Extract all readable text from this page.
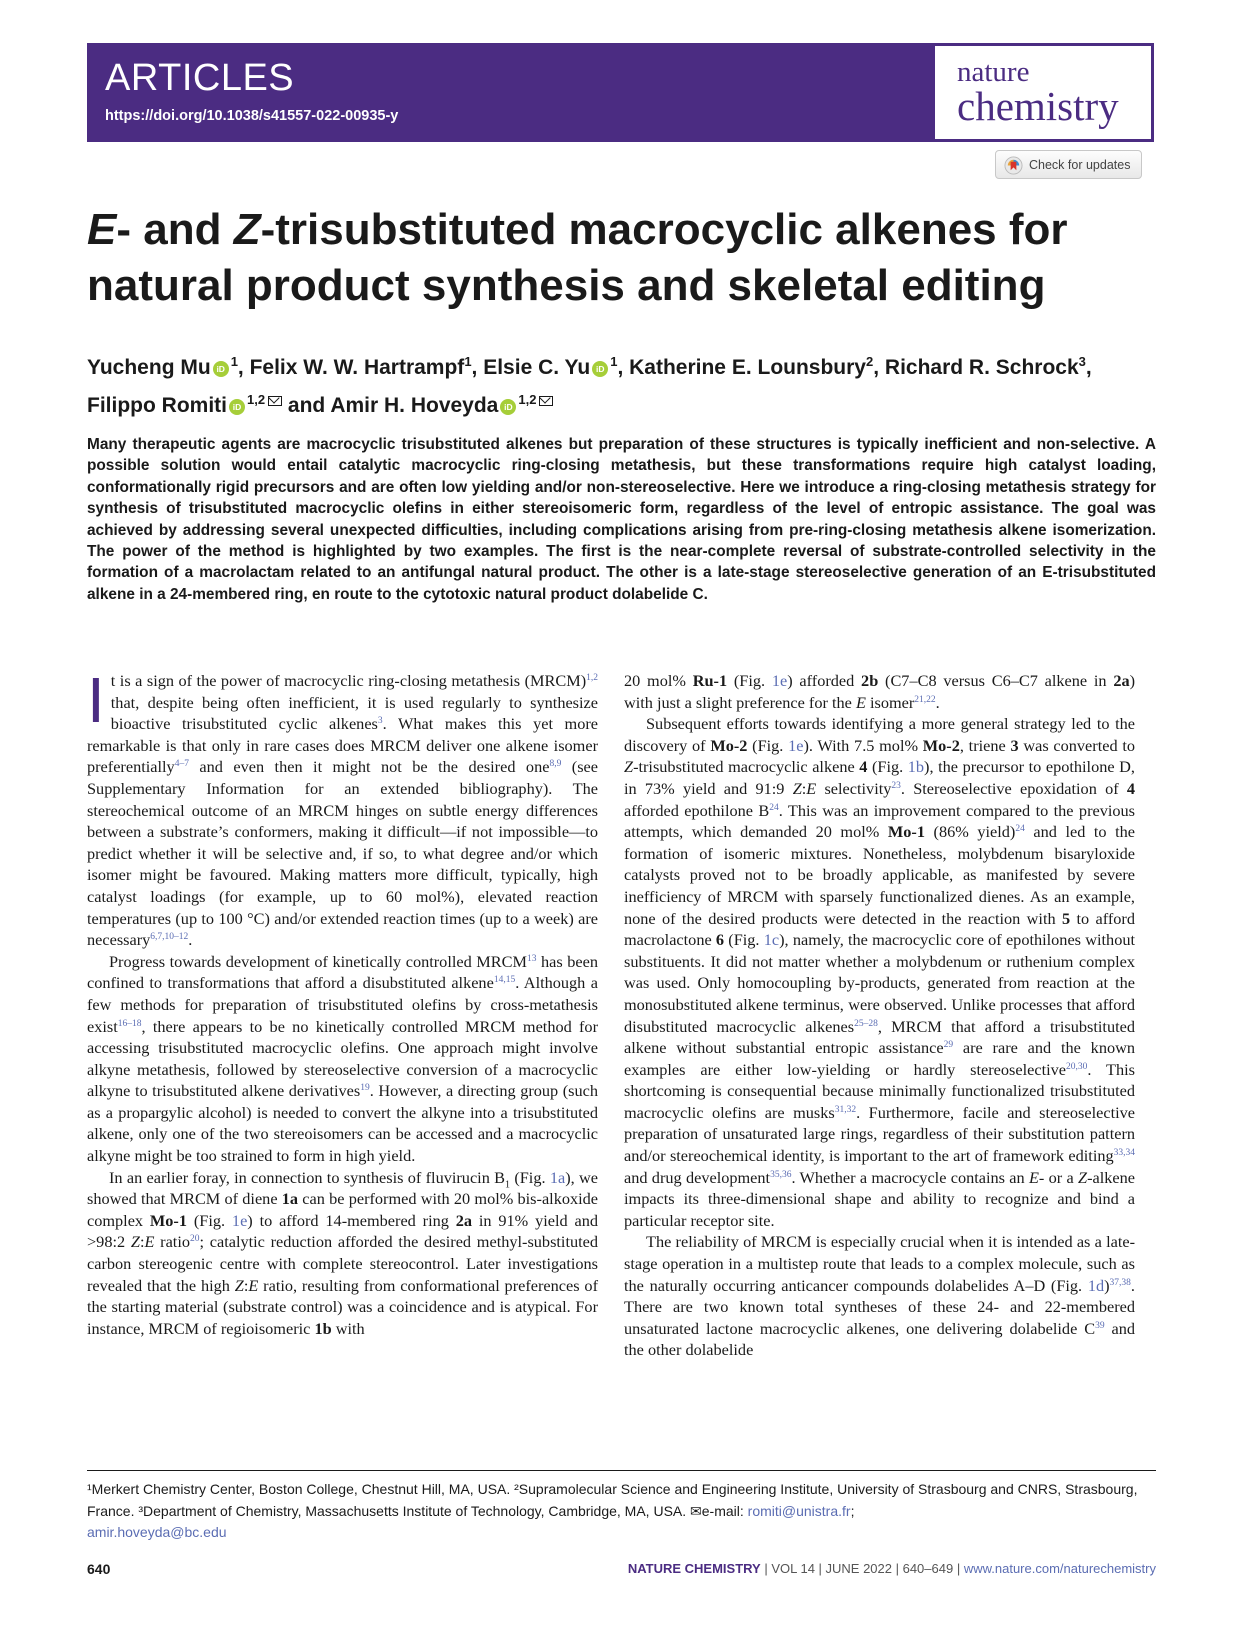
ARTICLES
https://doi.org/10.1038/s41557-022-00935-y
nature
chemistry
Check for updates
E- and Z-trisubstituted macrocyclic alkenes for
natural product synthesis and skeletal editing
Yucheng Mu iD $^1$, Felix W. W. Hartrampf$^1$, Elsie C. Yu iD $^1$, Katherine E. Lounsbury$^2$, Richard R. Schrock$^3$,
Filippo Romiti iD $^{1,2}$ and Amir H. Hoveyda iD $^{1,2}$

Many therapeutic agents are macrocyclic trisubstituted alkenes but preparation of these structures is typically inefficient and non-selective. A possible solution would entail catalytic macrocyclic ring-closing metathesis, but these transformations require high catalyst loading, conformationally rigid precursors and are often low yielding and/or non-stereoselective. Here we introduce a ring-closing metathesis strategy for synthesis of trisubstituted macrocyclic olefins in either stereoisomeric form, regardless of the level of entropic assistance. The goal was achieved by addressing several unexpected difficulties, including complications arising from pre-ring-closing metathesis alkene isomerization. The power of the method is highlighted by two examples. The first is the near-complete reversal of substrate-controlled selectivity in the formation of a macrolactam related to an antifungal natural product. The other is a late-stage stereoselective generation of an E-trisubstituted alkene in a 24-membered ring, en route to the cytotoxic natural product dolabelide C.

It is a sign of the power of macrocyclic ring-closing metathesis (MRCM)$^{1,2}$ that, despite being often inefficient, it is used regularly to synthesize bioactive trisubstituted cyclic alkenes$^3$. What makes this yet more remarkable is that only in rare cases does MRCM deliver one alkene isomer preferentially$^{4-7}$ and even then it might not be the desired one$^{8,9}$ (see Supplementary Information for an extended bibliography). The stereochemical outcome of an MRCM hinges on subtle energy differences between a substrate’s conformers, making it difficult—if not impossible—to predict whether it will be selective and, if so, to what degree and/or which isomer might be favoured. Making matters more difficult, typically, high catalyst loadings (for example, up to 60 mol%), elevated reaction temperatures (up to 100 °C) and/or extended reaction times (up to a week) are necessary$^{6,7,10-12}$.

Progress towards development of kinetically controlled MRCM$^{13}$ has been confined to transformations that afford a disubstituted alkene$^{14,15}$. Although a few methods for preparation of trisubstituted olefins by cross-metathesis exist$^{16-18}$, there appears to be no kinetically controlled MRCM method for accessing trisubstituted macrocyclic olefins. One approach might involve alkyne metathesis, followed by stereoselective conversion of a macrocyclic alkyne to trisubstituted alkene derivatives$^{19}$. However, a directing group (such as a propargylic alcohol) is needed to convert the alkyne into a trisubstituted alkene, only one of the two stereoisomers can be accessed and a macrocyclic alkyne might be too strained to form in high yield.

In an earlier foray, in connection to synthesis of fluvirucin $B_1$ (Fig. 1a), we showed that MRCM of diene 1a can be performed with 20 mol% bis-alkoxide complex Mo-1 (Fig. 1e) to afford 14-membered ring 2a in 91% yield and >98:2 Z:E ratio$^{20}$; catalytic reduction afforded the desired methyl-substituted carbon stereogenic centre with complete stereocontrol. Later investigations revealed that the high Z:E ratio, resulting from conformational preferences of the starting material (substrate control) was a coincidence and is atypical. For instance, MRCM of regioisomeric 1b with

20 mol% Ru-1 (Fig. 1e) afforded 2b (C7–C8 versus C6–C7 alkene in 2a) with just a slight preference for the E isomer$^{21,22}$.

Subsequent efforts towards identifying a more general strategy led to the discovery of Mo-2 (Fig. 1e). With 7.5 mol% Mo-2, triene 3 was converted to Z-trisubstituted macrocyclic alkene 4 (Fig. 1b), the precursor to epothilone D, in 73% yield and 91:9 Z:E selectivity$^{23}$. Stereoselective epoxidation of 4 afforded epothilone B$^{24}$. This was an improvement compared to the previous attempts, which demanded 20 mol% Mo-1 (86% yield)$^{24}$ and led to the formation of isomeric mixtures. Nonetheless, molybdenum bisaryloxide catalysts proved not to be broadly applicable, as manifested by severe inefficiency of MRCM with sparsely functionalized dienes. As an example, none of the desired products were detected in the reaction with 5 to afford macrolactone 6 (Fig. 1c), namely, the macrocyclic core of epothilones without substituents. It did not matter whether a molybdenum or ruthenium complex was used. Only homocoupling by-products, generated from reaction at the monosubstituted alkene terminus, were observed. Unlike processes that afford disubstituted macrocyclic alkenes$^{25-28}$, MRCM that afford a trisubstituted alkene without substantial entropic assistance$^{29}$ are rare and the known examples are either low-yielding or hardly stereoselective$^{20,30}$. This shortcoming is consequential because minimally functionalized trisubstituted macrocyclic olefins are musks$^{31,32}$. Furthermore, facile and stereoselective preparation of unsaturated large rings, regardless of their substitution pattern and/or stereochemical identity, is important to the art of framework editing$^{33,34}$ and drug development$^{35,36}$. Whether a macrocycle contains an E- or a Z-alkene impacts its three-dimensional shape and ability to recognize and bind a particular receptor site.

The reliability of MRCM is especially crucial when it is intended as a late-stage operation in a multistep route that leads to a complex molecule, such as the naturally occurring anticancer compounds dolabelides A–D (Fig. 1d)$^{37,38}$. There are two known total syntheses of these 24- and 22-membered unsaturated lactone macrocyclic alkenes, one delivering dolabelide C$^{39}$ and the other dolabelide

¹Merkert Chemistry Center, Boston College, Chestnut Hill, MA, USA. ²Supramolecular Science and Engineering Institute, University of Strasbourg and CNRS, Strasbourg, France. ³Department of Chemistry, Massachusetts Institute of Technology, Cambridge, MA, USA. ✉e-mail: romiti@unistra.fr;
amir.hoveyda@bc.edu
640	NATURE CHEMISTRY | VOL 14 | JUNE 2022 | 640–649 | www.nature.com/naturechemistry
